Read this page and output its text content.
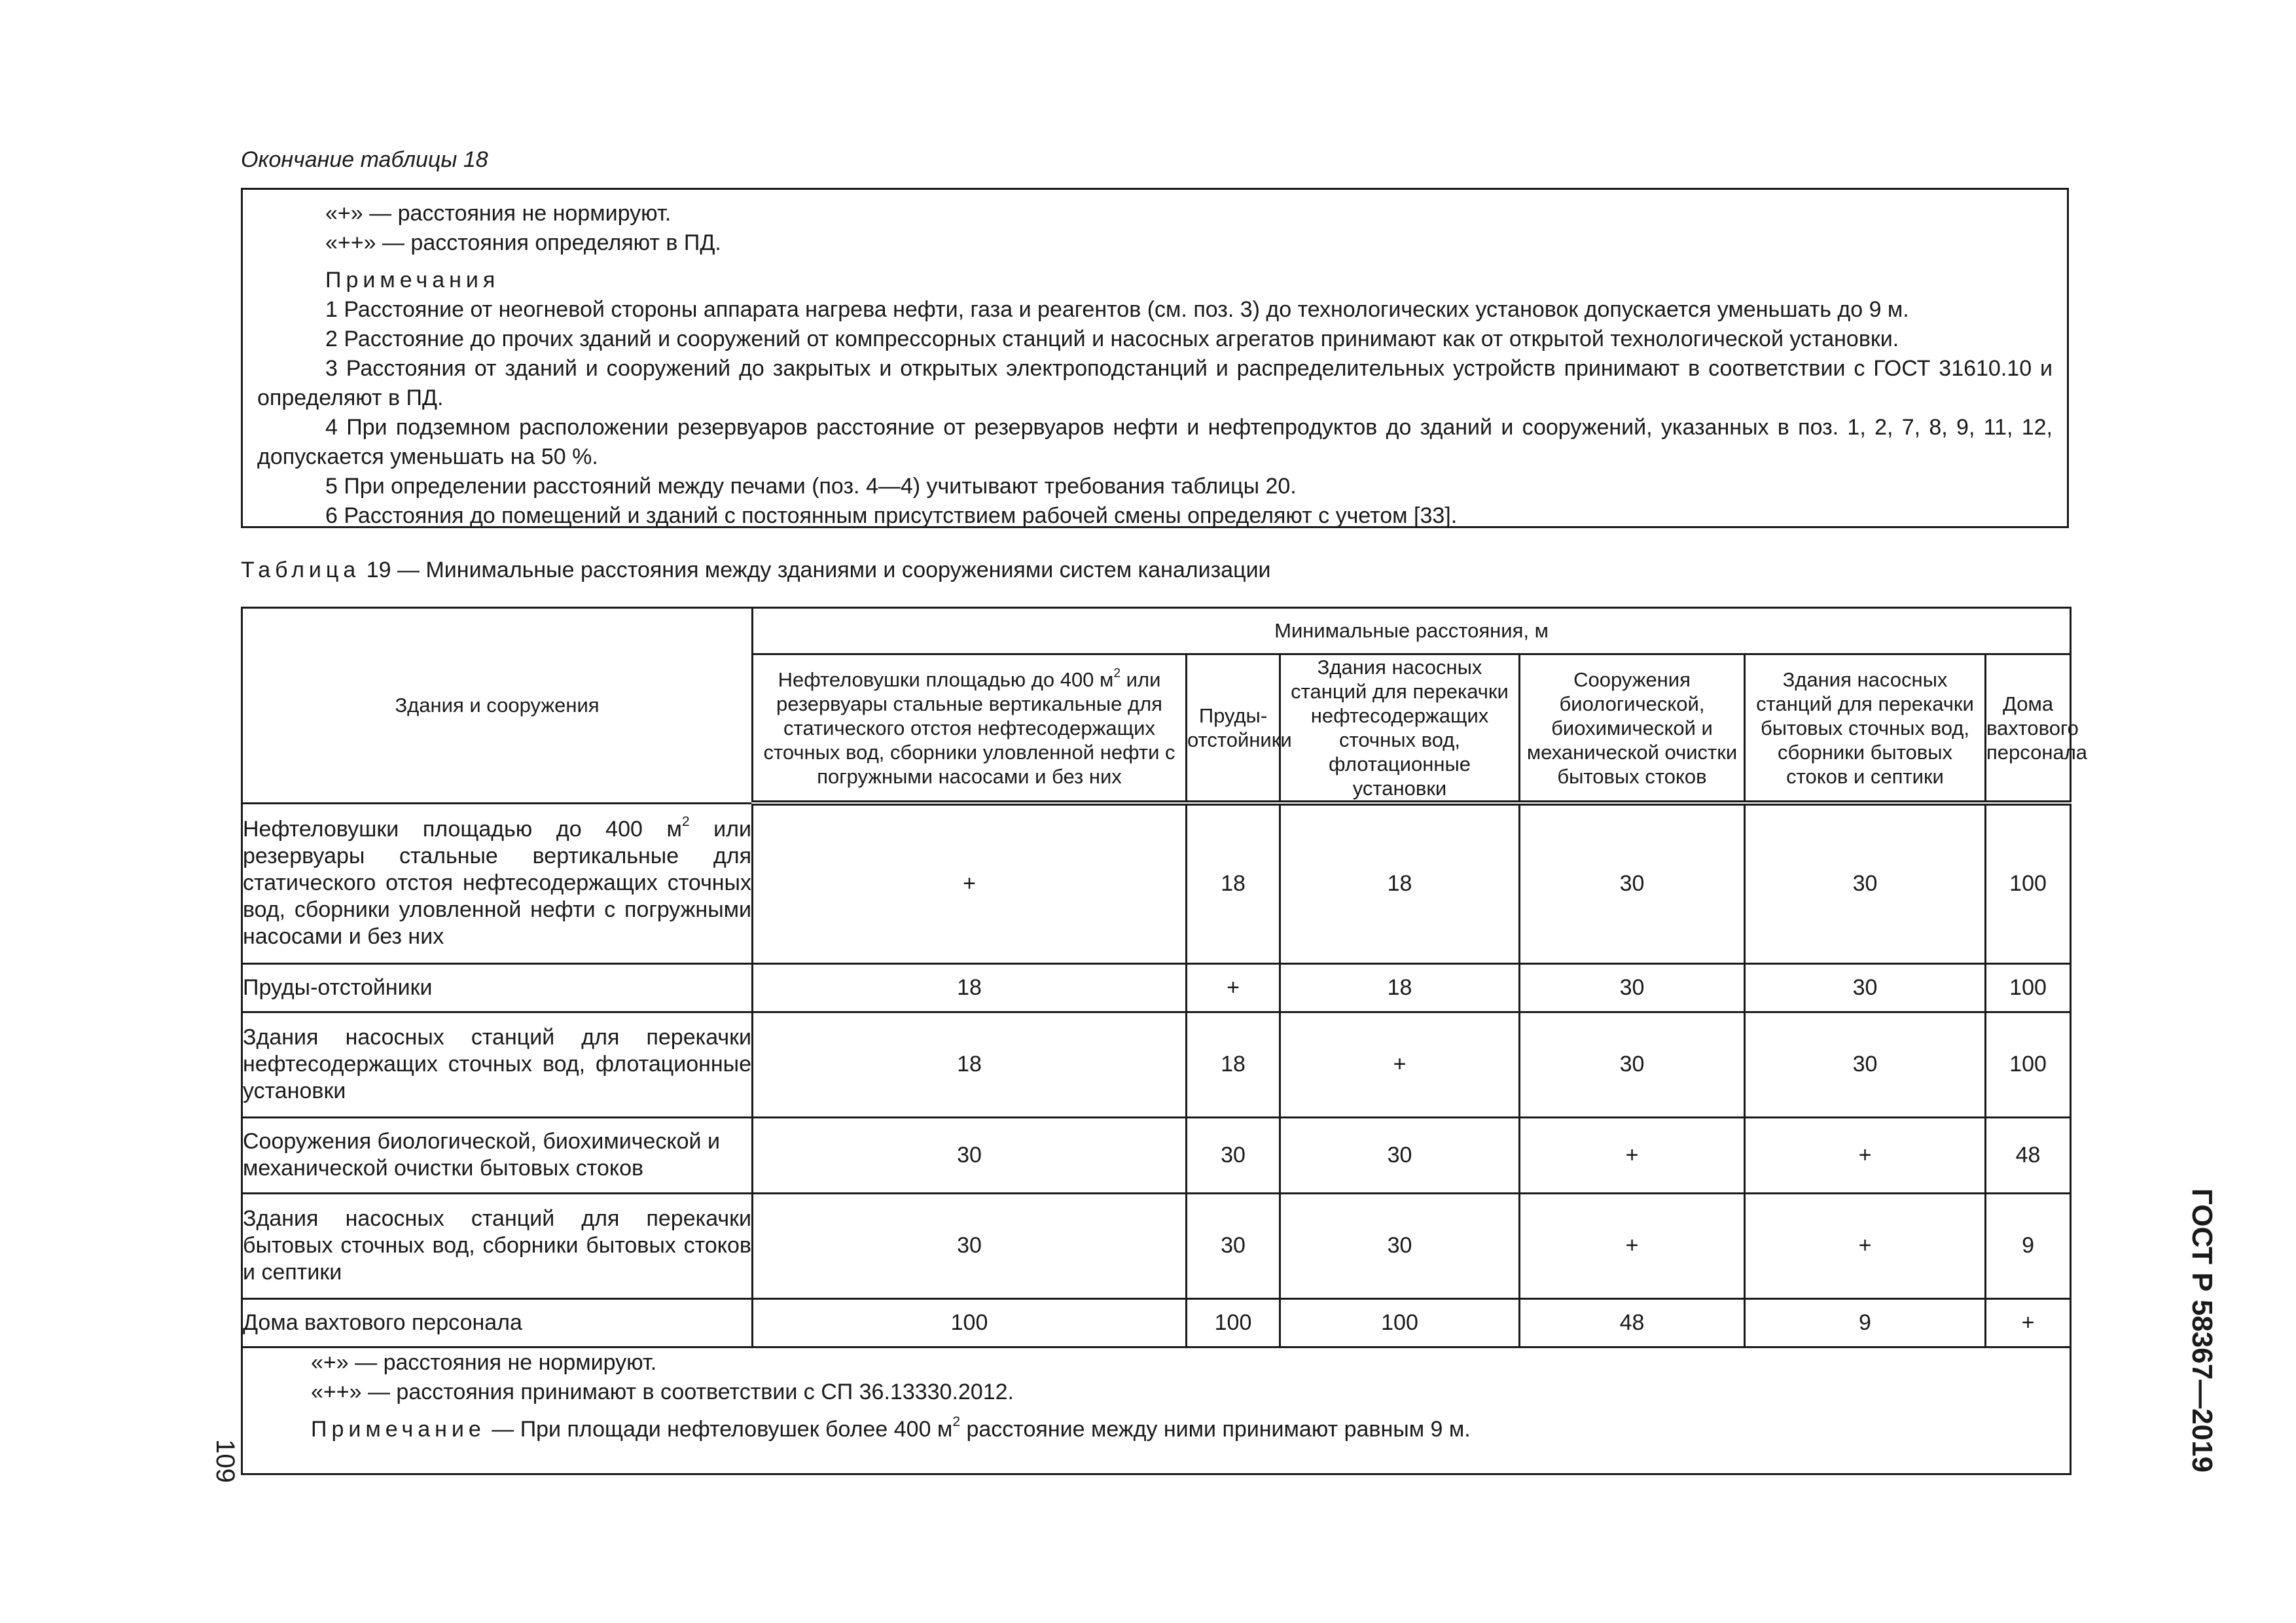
Окончание таблицы 18

«+» — расстояния не нормируют.

«++» — расстояния определяют в ПД.

Примечания

1 Расстояние от неогневой стороны аппарата нагрева нефти, газа и реагентов (см. поз. 3) до технологических установок допускается уменьшать до 9 м.

2 Расстояние до прочих зданий и сооружений от компрессорных станций и насосных агрегатов принимают как от открытой технологической установки.

3 Расстояния от зданий и сооружений до закрытых и открытых электроподстанций и распределительных устройств принимают в соответствии с ГОСТ 31610.10 и определяют в ПД.

4 При подземном расположении резервуаров расстояние от резервуаров нефти и нефтепродуктов до зданий и сооружений, указанных в поз. 1, 2, 7, 8, 9, 11, 12, допускается уменьшать на 50 %.

5 При определении расстояний между печами (поз. 4—4) учитывают требования таблицы 20.

6 Расстояния до помещений и зданий с постоянным присутствием рабочей смены определяют с учетом [33].

Таблица 19 — Минимальные расстояния между зданиями и сооружениями систем канализации
Здания и сооружения	Минимальные расстояния, м					
	Нефтеловушки площадью до 400 $м^2$ или резервуары стальные вертикальные для статического отстоя нефтесодержащих сточных вод, сборники уловленной нефти с погружными насосами и без них	Пруды-отстойники	Здания насосных станций для перекачки нефтесодержащих сточных вод, флотационные установки	Сооружения биологической, биохимической и механической очистки бытовых стоков	Здания насосных станций для перекачки бытовых сточных вод, сборники бытовых стоков и септики	Дома вахтового персонала
Нефтеловушки площадью до 400 $м^2$ или резервуары стальные вертикальные для статического отстоя нефтесодержащих сточных вод, сборники уловленной нефти с погружными насосами и без них	+	18	18	30	30	100
Пруды-отстойники	18	+	18	30	30	100
Здания насосных станций для перекачки нефтесодержащих сточных вод, флотационные установки	18	18	+	30	30	100
Сооружения биологической, биохимической и механической очистки бытовых стоков	30	30	30	+	+	48
Здания насосных станций для перекачки бытовых сточных вод, сборники бытовых стоков и септики	30	30	30	+	+	9
Дома вахтового персонала	100	100	100	48	9	+

«+» — расстояния не нормируют.
«++» — расстояния принимают в соответствии с СП 36.13330.2012.
Примечание — При площади нефтеловушек более 400 $м^2$ расстояние между ними принимают равным 9 м.						
109	ГОСТ Р 58367—2019
